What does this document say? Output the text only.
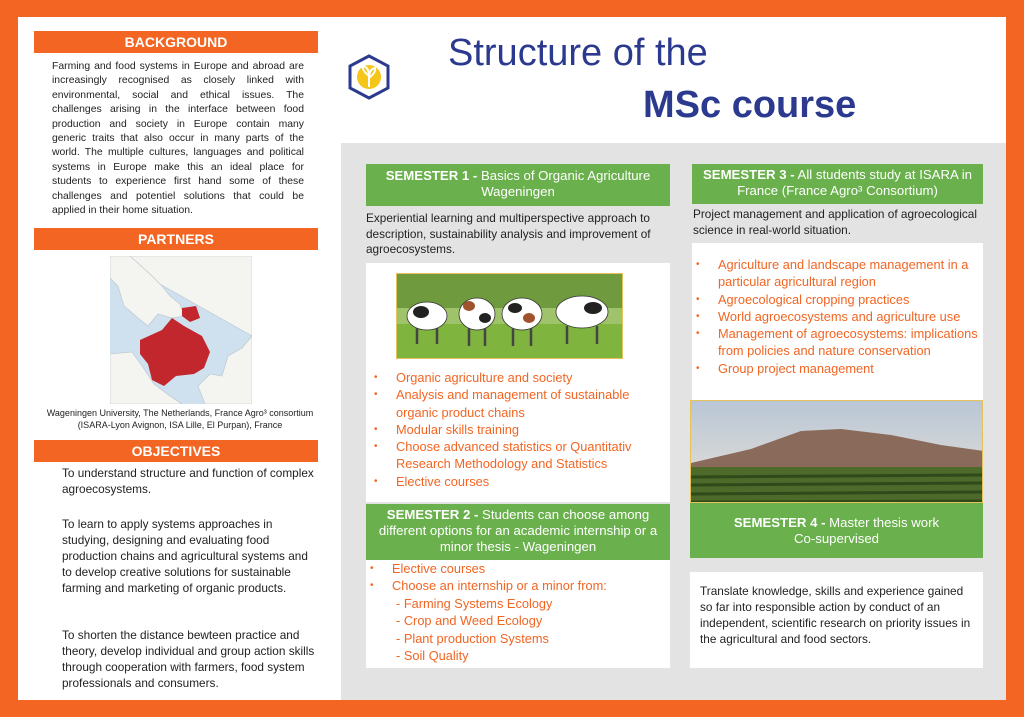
BACKGROUND
Farming and food systems in Europe and abroad are increasingly recognised as closely linked with environmental, social and ethical issues. The challenges arising in the interface between food production and society in Europe contain many generic traits that also occur in many parts of the world. The multiple cultures, languages and political systems in Europe make this an ideal place for students to experience first hand some of these challenges and potentiel solutions that could be applied in their home situation.
PARTNERS
Wageningen University, The Netherlands, France Agro³ consortium
(ISARA-Lyon Avignon, ISA Lille, El Purpan), France
OBJECTIVES
To understand structure and function of complex agroecosystems.
To learn to apply systems approaches in studying, designing and evaluating food production chains and agricultural systems and to develop creative solutions for sustainable farming and marketing of organic products.
To shorten the distance bewteen practice and theory, develop individual and group action skills through cooperation with farmers, food system professionals and consumers.
Structure of the
MSc course
SEMESTER 1 - Basics of Organic Agriculture Wageningen
Experiential learning and multiperspective approach to description, sustainability analysis and improvement of agroecosystems.
• Organic agriculture and society
• Analysis and management of sustainable organic product chains
• Modular skills training
• Choose advanced statistics or Quantitativ Research Methodology and Statistics
• Elective courses
SEMESTER 2 - Students can choose among different options for an academic internship or a minor thesis - Wageningen
• Elective courses
• Choose an internship or a minor from:
- Farming Systems Ecology
- Crop and Weed Ecology
- Plant production Systems
- Soil Quality
SEMESTER 3 - All students study at ISARA in France (France Agro³ Consortium)
Project management and application of agroecological science in real-world situation.
• Agriculture and landscape management in a particular agricultural region
• Agroecological cropping practices
• World agroecosystems and agriculture use
• Management of agroecosystems: implications from policies and nature conservation
• Group project management
SEMESTER 4 - Master thesis work
Co-supervised
Translate knowledge, skills and experience gained so far into responsible action by conduct of an independent, scientific research on priority issues in the agricultural and food sectors.
